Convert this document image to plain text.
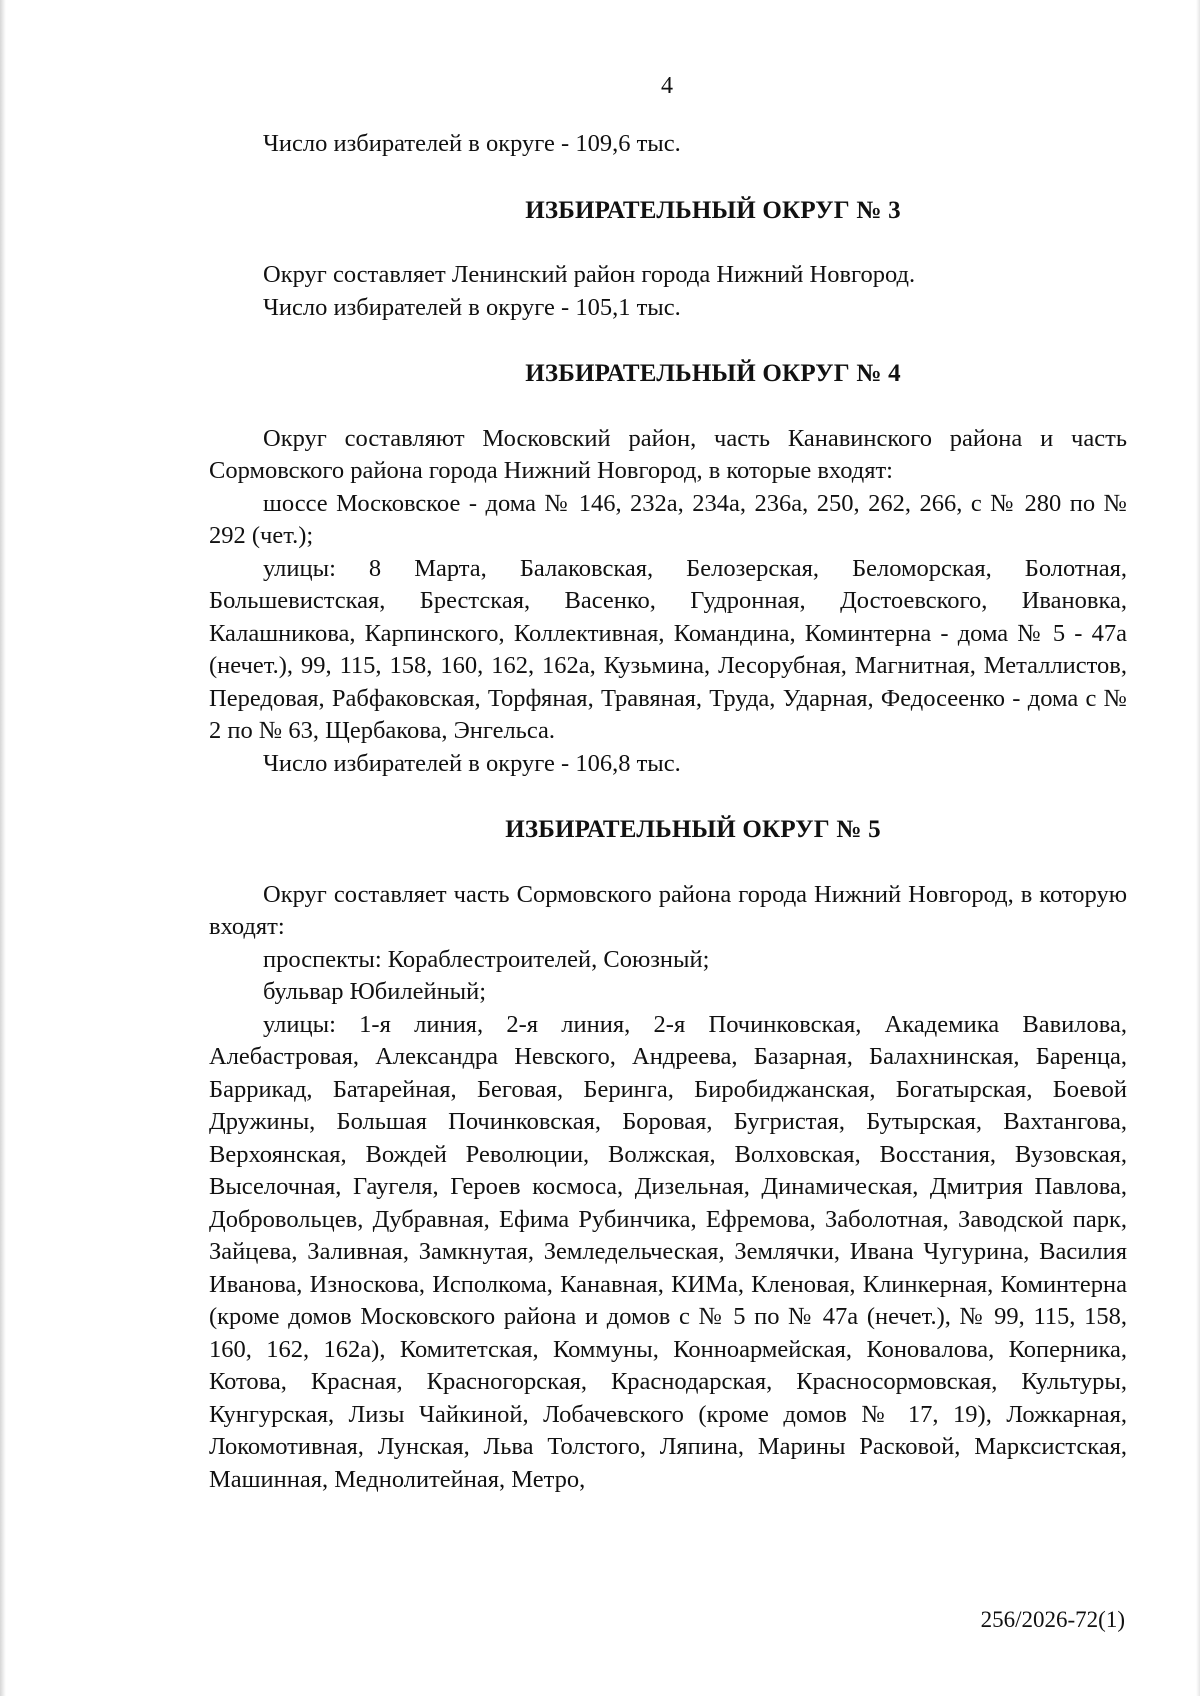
4

Число избирателей в округе - 109,6 тыс.

ИЗБИРАТЕЛЬНЫЙ ОКРУГ № 3

Округ составляет Ленинский район города Нижний Новгород.

Число избирателей в округе - 105,1 тыс.

ИЗБИРАТЕЛЬНЫЙ ОКРУГ № 4

Округ составляют Московский район, часть Канавинского района и часть Сормовского района города Нижний Новгород, в которые входят:

шоссе Московское - дома № 146, 232а, 234а, 236а, 250, 262, 266, с № 280 по № 292 (чет.);

улицы: 8 Марта, Балаковская, Белозерская, Беломорская, Болотная, Большевистская, Брестская, Васенко, Гудронная, Достоевского, Ивановка, Калашникова, Карпинского, Коллективная, Командина, Коминтерна - дома № 5 - 47а (нечет.), 99, 115, 158, 160, 162, 162а, Кузьмина, Лесорубная, Магнитная, Металлистов, Передовая, Рабфаковская, Торфяная, Травяная, Труда, Ударная, Федосеенко - дома с № 2 по № 63, Щербакова, Энгельса.

Число избирателей в округе - 106,8 тыс.

ИЗБИРАТЕЛЬНЫЙ ОКРУГ № 5

Округ составляет часть Сормовского района города Нижний Новгород, в которую входят:

проспекты: Кораблестроителей, Союзный;

бульвар Юбилейный;

улицы: 1-я линия, 2-я линия, 2-я Починковская, Академика Вавилова, Алебастровая, Александра Невского, Андреева, Базарная, Балахнинская, Баренца, Баррикад, Батарейная, Беговая, Беринга, Биробиджанская, Богатырская, Боевой Дружины, Большая Починковская, Боровая, Бугристая, Бутырская, Вахтангова, Верхоянская, Вождей Революции, Волжская, Волховская, Восстания, Вузовская, Выселочная, Гаугеля, Героев космоса, Дизельная, Динамическая, Дмитрия Павлова, Добровольцев, Дубравная, Ефима Рубинчика, Ефремова, Заболотная, Заводской парк, Зайцева, Заливная, Замкнутая, Земледельческая, Землячки, Ивана Чугурина, Василия Иванова, Износкова, Исполкома, Канавная, КИМа, Кленовая, Клинкерная, Коминтерна (кроме домов Московского района и домов с № 5 по № 47а (нечет.), № 99, 115, 158, 160, 162, 162а), Комитетская, Коммуны, Конноармейская, Коновалова, Коперника, Котова, Красная, Красногорская, Краснодарская, Красносормовская, Культуры, Кунгурская, Лизы Чайкиной, Лобачевского (кроме домов № 17, 19), Ложкарная, Локомотивная, Лунская, Льва Толстого, Ляпина, Марины Расковой, Марксистская, Машинная, Меднолитейная, Метро,

256/2026-72(1)
